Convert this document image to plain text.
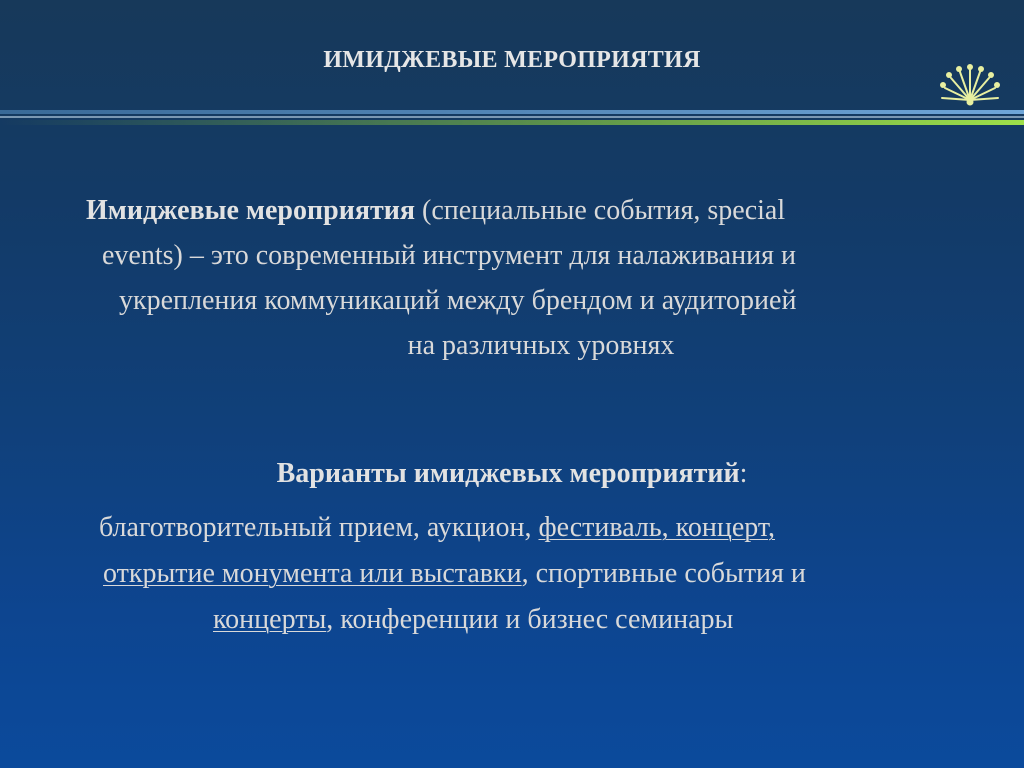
ИМИДЖЕВЫЕ МЕРОПРИЯТИЯ
Имиджевые мероприятия (специальные события, special
events) – это современный инструмент для налаживания и
укрепления коммуникаций между брендом и аудиторией
на различных уровнях
Варианты имиджевых мероприятий:
благотворительный прием, аукцион, фестиваль, концерт,
открытие монумента или выставки, спортивные события и
концерты, конференции и бизнес семинары
